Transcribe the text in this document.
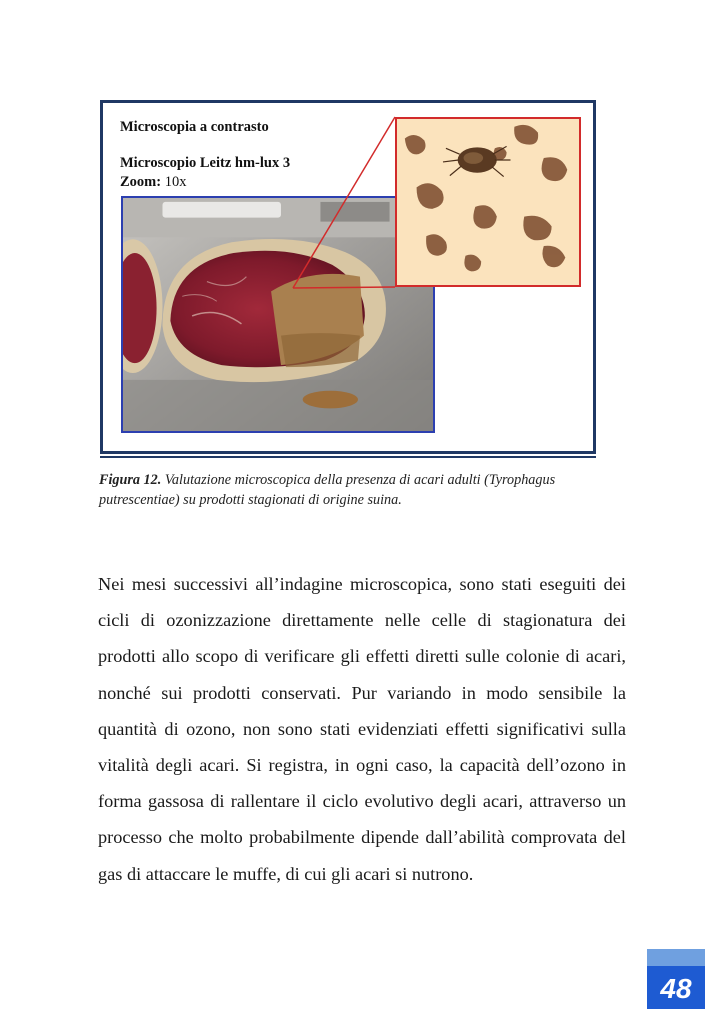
Microscopia a contrasto
Microscopio Leitz hm-lux 3
Zoom: 10x
Figura 12. Valutazione microscopica della presenza di acari adulti (Tyrophagus putrescentiae) su prodotti stagionati di origine suina.

Nei mesi successivi all’indagine microscopica, sono stati eseguiti dei cicli di ozonizzazione direttamente nelle celle di stagionatura dei prodotti allo scopo di verificare gli effetti diretti sulle colonie di acari, nonché sui prodotti conservati. Pur variando in modo sensibile la quantità di ozono, non sono stati evidenziati effetti significativi sulla vitalità degli acari. Si registra, in ogni caso, la capacità dell’ozono in forma gassosa di rallentare il ciclo evolutivo degli acari, attraverso un processo che molto probabilmente dipende dall’abilità comprovata del gas di attaccare le muffe, di cui gli acari si nutrono.

48
